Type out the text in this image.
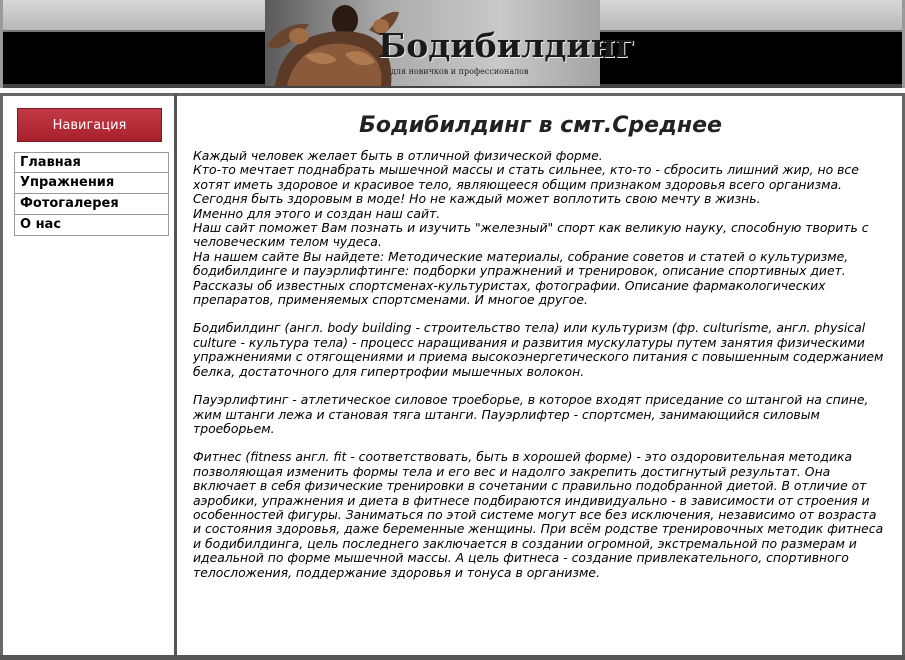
Бодибилдинг
для новичков и профессионалов
Навигация
Главная
Упражнения
Фотогалерея
О нас
Бодибилдинг в смт.Среднее

Каждый человек желает быть в отличной физической форме.
Кто-то мечтает поднабрать мышечной массы и стать сильнее, кто-то - сбросить лишний жир, но все хотят иметь здоровое и красивое тело, являющееся общим признаком здоровья всего организма.
Сегодня быть здоровым в моде! Но не каждый может воплотить свою мечту в жизнь.
Именно для этого и создан наш сайт.
Наш сайт поможет Вам познать и изучить "железный" спорт как великую науку, способную творить с человеческим телом чудеса.
На нашем сайте Вы найдете: Методические материалы, собрание советов и статей о культуризме, бодибилдинге и пауэрлифтинге: подборки упражнений и тренировок, описание спортивных диет. Рассказы об известных спортсменах-культуристах, фотографии. Описание фармакологических препаратов, применяемых спортсменами. И многое другое.

Бодибилдинг (англ. body building - строительство тела) или культуризм (фр. culturisme, англ. physical culture - культура тела) - процесс наращивания и развития мускулатуры путем занятия физическими упражнениями с отягощениями и приема высокоэнергетического питания с повышенным содержанием белка, достаточного для гипертрофии мышечных волокон.

Пауэрлифтинг - атлетическое силовое троеборье, в которое входят приседание со штангой на спине, жим штанги лежа и становая тяга штанги. Пауэрлифтер - спортсмен, занимающийся силовым троеборьем.

Фитнес (fitness англ. fit - соответствовать, быть в хорошей форме) - это оздоровительная методика позволяющая изменить формы тела и его вес и надолго закрепить достигнутый результат. Она включает в себя физические тренировки в сочетании с правильно подобранной диетой. В отличие от аэробики, упражнения и диета в фитнесе подбираются индивидуально - в зависимости от строения и особенностей фигуры. Заниматься по этой системе могут все без исключения, независимо от возраста и состояния здоровья, даже беременные женщины. При всём родстве тренировочных методик фитнеса и бодибилдинга, цель последнего заключается в создании огромной, экстремальной по размерам и идеальной по форме мышечной массы. А цель фитнеса - создание привлекательного, спортивного телосложения, поддержание здоровья и тонуса в организме.
